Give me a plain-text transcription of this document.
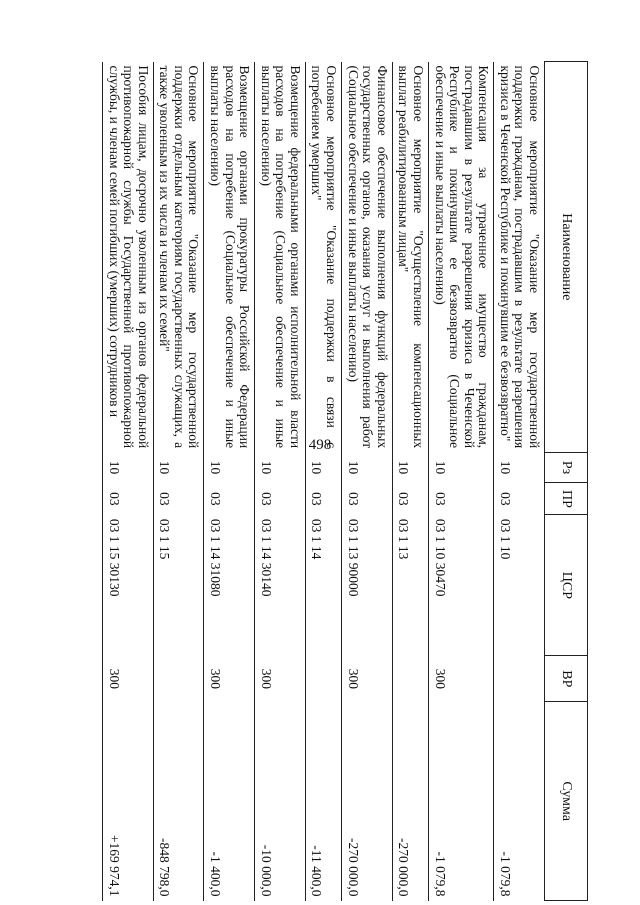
498
Наименование	Рз	ПР	ЦСР	ВР	Сумма
Основное мероприятие "Оказание мер государственной поддержки гражданам, пострадавшим в результате разрешения кризиса в Чеченской Республике и покинувшим ее безвозвратно"	10	03	03 1 10		-1 079,8
Компенсация за утраченное имущество гражданам, пострадавшим в результате разрешения кризиса в Чеченской Республике и покинувшим ее безвозвратно (Социальное обеспечение и иные выплаты населению)	10	03	03 1 10 30470	300	-1 079,8
Основное мероприятие "Осуществление компенсационных выплат реабилитированным лицам"	10	03	03 1 13		-270 000,0
Финансовое обеспечение выполнения функций федеральных государственных органов, оказания услуг и выполнения работ (Социальное обеспечение и иные выплаты населению)	10	03	03 1 13 90000	300	-270 000,0
Основное мероприятие "Оказание поддержки в связи с погребением умерших"	10	03	03 1 14		-11 400,0
Возмещение федеральными органами исполнительной власти расходов на погребение (Социальное обеспечение и иные выплаты населению)	10	03	03 1 14 30140	300	-10 000,0
Возмещение органами прокуратуры Российской Федерации расходов на погребение (Социальное обеспечение и иные выплаты населению)	10	03	03 1 14 31080	300	-1 400,0
Основное мероприятие "Оказание мер государственной поддержки отдельным категориям государственных служащих, а также уволенным из их числа и членам их семей"	10	03	03 1 15		-848 798,0
Пособия лицам, досрочно уволенным из органов федеральной противопожарной службы Государственной противопожарной службы, и членам семей погибших (умерших) сотрудников и	10	03	03 1 15 30130	300	+169 974,1
